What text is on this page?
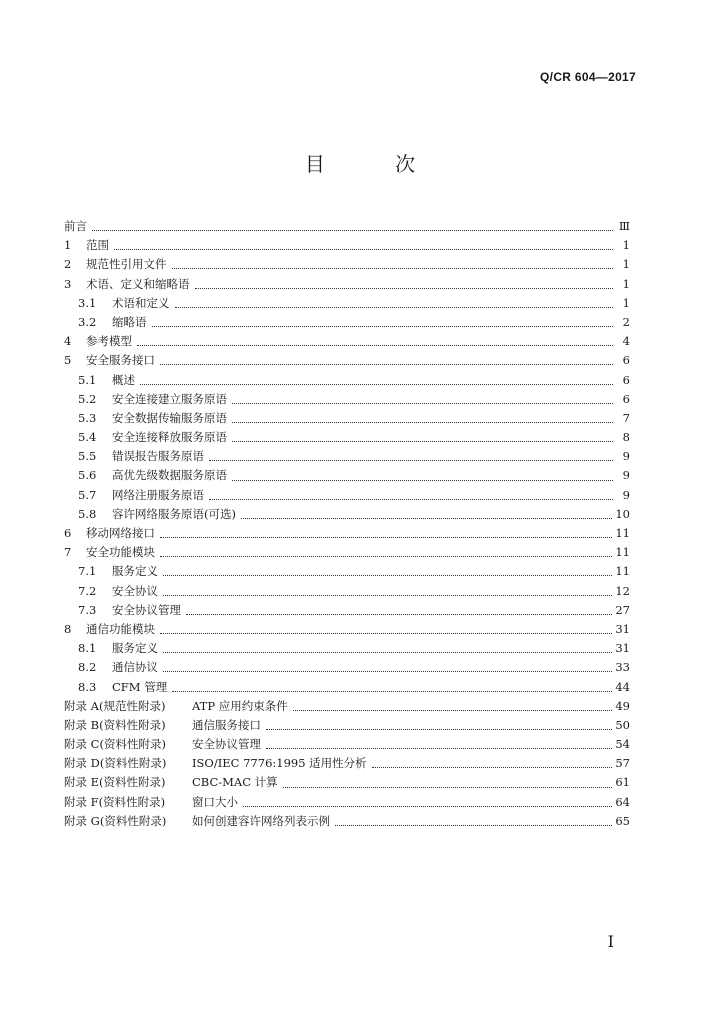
Q/CR 604—2017
目 次
前言	Ⅲ
1	范围	1
2	规范性引用文件	1
3	术语、定义和缩略语	1
3.1	术语和定义	1
3.2	缩略语	2
4	参考模型	4
5	安全服务接口	6
5.1	概述	6
5.2	安全连接建立服务原语	6
5.3	安全数据传输服务原语	7
5.4	安全连接释放服务原语	8
5.5	错误报告服务原语	9
5.6	高优先级数据服务原语	9
5.7	网络注册服务原语	9
5.8	容许网络服务原语(可选)	10
6	移动网络接口	11
7	安全功能模块	11
7.1	服务定义	11
7.2	安全协议	12
7.3	安全协议管理	27
8	通信功能模块	31
8.1	服务定义	31
8.2	通信协议	33
8.3	CFM 管理	44
附录 A(规范性附录)	ATP 应用约束条件	49
附录 B(资料性附录)	通信服务接口	50
附录 C(资料性附录)	安全协议管理	54
附录 D(资料性附录)	ISO/IEC 7776:1995 适用性分析	57
附录 E(资料性附录)	CBC-MAC 计算	61
附录 F(资料性附录)	窗口大小	64
附录 G(资料性附录)	如何创建容许网络列表示例	65
I
